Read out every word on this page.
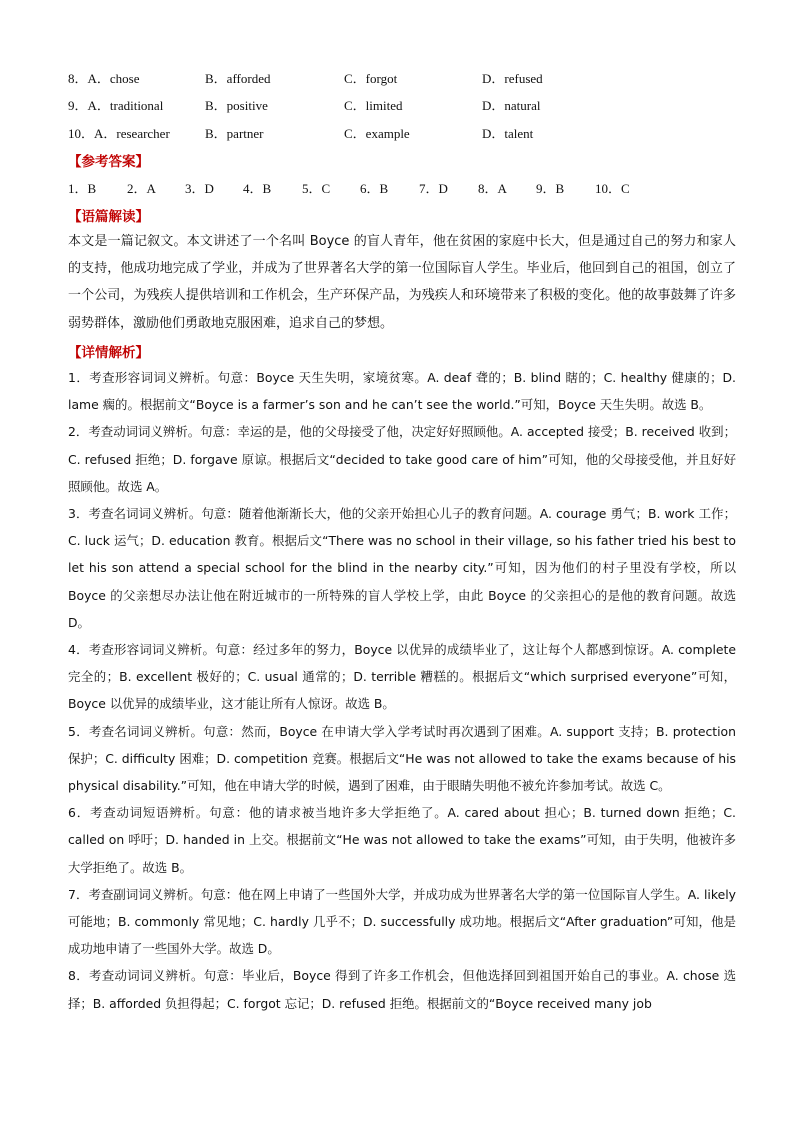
8．A．chose	B．afforded	C．forgot	D．refused
9．A．traditional	B．positive	C．limited	D．natural
10．A．researcher	B．partner	C．example	D．talent
【参考答案】
1．B 2．A 3．D 4．B 5．C 6．B 7．D 8．A 9．B 10．C
【语篇解读】
本文是一篇记叙文。本文讲述了一个名叫 Boyce 的盲人青年，他在贫困的家庭中长大，但是通过自己的努力和家人的支持，他成功地完成了学业，并成为了世界著名大学的第一位国际盲人学生。毕业后，他回到自己的祖国，创立了一个公司，为残疾人提供培训和工作机会，生产环保产品，为残疾人和环境带来了积极的变化。他的故事鼓舞了许多弱势群体，激励他们勇敢地克服困难，追求自己的梦想。
【详情解析】

1．考查形容词词义辨析。句意：Boyce 天生失明，家境贫寒。A. deaf 聋的；B. blind 瞎的；C. healthy 健康的；D. lame 瘸的。根据前文“Boyce is a farmer’s son and he can’t see the world.”可知，Boyce 天生失明。故选 B。

2．考查动词词义辨析。句意：幸运的是，他的父母接受了他，决定好好照顾他。A. accepted 接受；B. received 收到；C. refused 拒绝；D. forgave 原谅。根据后文“decided to take good care of him”可知，他的父母接受他，并且好好照顾他。故选 A。

3．考查名词词义辨析。句意：随着他渐渐长大，他的父亲开始担心儿子的教育问题。A. courage 勇气；B. work 工作；C. luck 运气；D. education 教育。根据后文“There was no school in their village, so his father tried his best to let his son attend a special school for the blind in the nearby city.”可知，因为他们的村子里没有学校，所以 Boyce 的父亲想尽办法让他在附近城市的一所特殊的盲人学校上学，由此 Boyce 的父亲担心的是他的教育问题。故选 D。

4．考查形容词词义辨析。句意：经过多年的努力，Boyce 以优异的成绩毕业了，这让每个人都感到惊讶。A. complete 完全的；B. excellent 极好的；C. usual 通常的；D. terrible 糟糕的。根据后文“which surprised everyone”可知，Boyce 以优异的成绩毕业，这才能让所有人惊讶。故选 B。

5．考查名词词义辨析。句意：然而，Boyce 在申请大学入学考试时再次遇到了困难。A. support 支持；B. protection 保护；C. difficulty 困难；D. competition 竞赛。根据后文“He was not allowed to take the exams because of his physical disability.”可知，他在申请大学的时候，遇到了困难，由于眼睛失明他不被允许参加考试。故选 C。

6．考查动词短语辨析。句意：他的请求被当地许多大学拒绝了。A. cared about 担心；B. turned down 拒绝；C. called on 呼吁；D. handed in 上交。根据前文“He was not allowed to take the exams”可知，由于失明，他被许多大学拒绝了。故选 B。

7．考查副词词义辨析。句意：他在网上申请了一些国外大学，并成功成为世界著名大学的第一位国际盲人学生。A. likely 可能地；B. commonly 常见地；C. hardly 几乎不；D. successfully 成功地。根据后文“After graduation”可知，他是成功地申请了一些国外大学。故选 D。

8．考查动词词义辨析。句意：毕业后，Boyce 得到了许多工作机会，但他选择回到祖国开始自己的事业。A. chose 选择；B. afforded 负担得起；C. forgot 忘记；D. refused 拒绝。根据前文的“Boyce received many job
